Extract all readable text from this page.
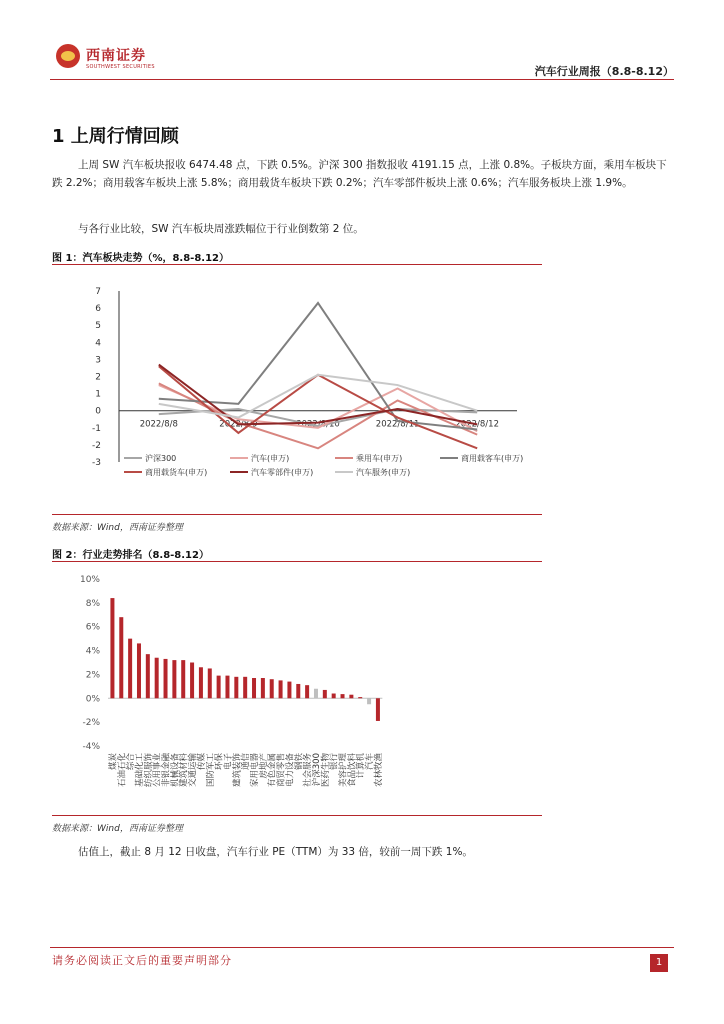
西南证券
SOUTHWEST SECURITIES	汽车行业周报（8.8-8.12）
1 上周行情回顾

上周 SW 汽车板块报收 6474.48 点，下跌 0.5%。沪深 300 指数报收 4191.15 点，上涨 0.8%。子板块方面，乘用车板块下跌 2.2%；商用载客车板块上涨 5.8%；商用载货车板块下跌 0.2%；汽车零部件板块上涨 0.6%；汽车服务板块上涨 1.9%。

与各行业比较，SW 汽车板块周涨跌幅位于行业倒数第 2 位。

图 1：汽车板块走势（%，8.8-8.12）
7
6
5
4
3
2
1
0
-1
-2
-3
2022/8/8	2022/8/9	2022/8/10	2022/8/11	2022/8/12
沪深300	汽车(申万)	乘用车(申万)	商用载客车(申万)
商用载货车(申万)	汽车零部件(申万)	汽车服务(申万)
数据来源：Wind，西南证券整理
图 2：行业走势排名（8.8-8.12）
10%
8%
6%
4%
2%
0%
-2%
-4%
煤炭
石油石化
综合
基础化工
纺织服饰
公用事业
非银金融
机械设备
建筑材料
交通运输
传媒
国防军工
环保
电子
建筑装饰
通信
家用电器
房地产
有色金属
商贸零售
电力设备
钢铁
社会服务
沪深300
医药生物
银行
美容护理
食品饮料
计算机
汽车
农林牧渔
数据来源：Wind，西南证券整理

估值上，截止 8 月 12 日收盘，汽车行业 PE（TTM）为 33 倍，较前一周下跌 1%。

请务必阅读正文后的重要声明部分	1
